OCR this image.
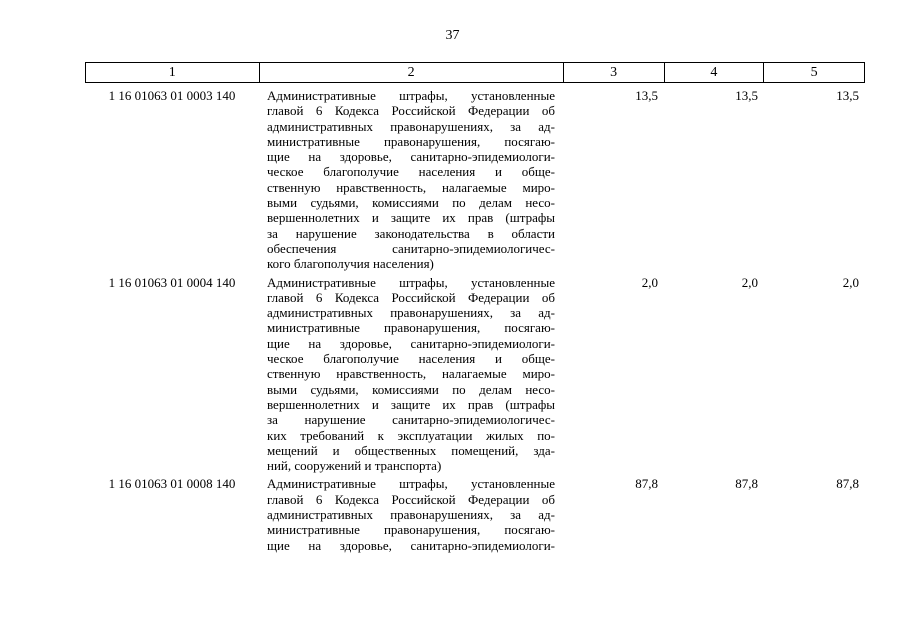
37
1	2	3	4	5
1 16 01063 01 0003 140	Административные штрафы, установленные
главой 6 Кодекса Российской Федерации об
административных правонарушениях, за ад-
министративные правонарушения, посягаю-
щие на здоровье, санитарно-эпидемиологи-
ческое благополучие населения и обще-
ственную нравственность, налагаемые миро-
выми судьями, комиссиями по делам несо-
вершеннолетних и защите их прав (штрафы
за нарушение законодательства в области
обеспечения санитарно-эпидемиологичес-
кого благополучия населения)
13,5	13,5	13,5
1 16 01063 01 0004 140	Административные штрафы, установленные
главой 6 Кодекса Российской Федерации об
административных правонарушениях, за ад-
министративные правонарушения, посягаю-
щие на здоровье, санитарно-эпидемиологи-
ческое благополучие населения и обще-
ственную нравственность, налагаемые миро-
выми судьями, комиссиями по делам несо-
вершеннолетних и защите их прав (штрафы
за нарушение санитарно-эпидемиологичес-
ких требований к эксплуатации жилых по-
мещений и общественных помещений, зда-
ний, сооружений и транспорта)
2,0	2,0	2,0
1 16 01063 01 0008 140	Административные штрафы, установленные
главой 6 Кодекса Российской Федерации об
административных правонарушениях, за ад-
министративные правонарушения, посягаю-
щие на здоровье, санитарно-эпидемиологи-
87,8	87,8	87,8
